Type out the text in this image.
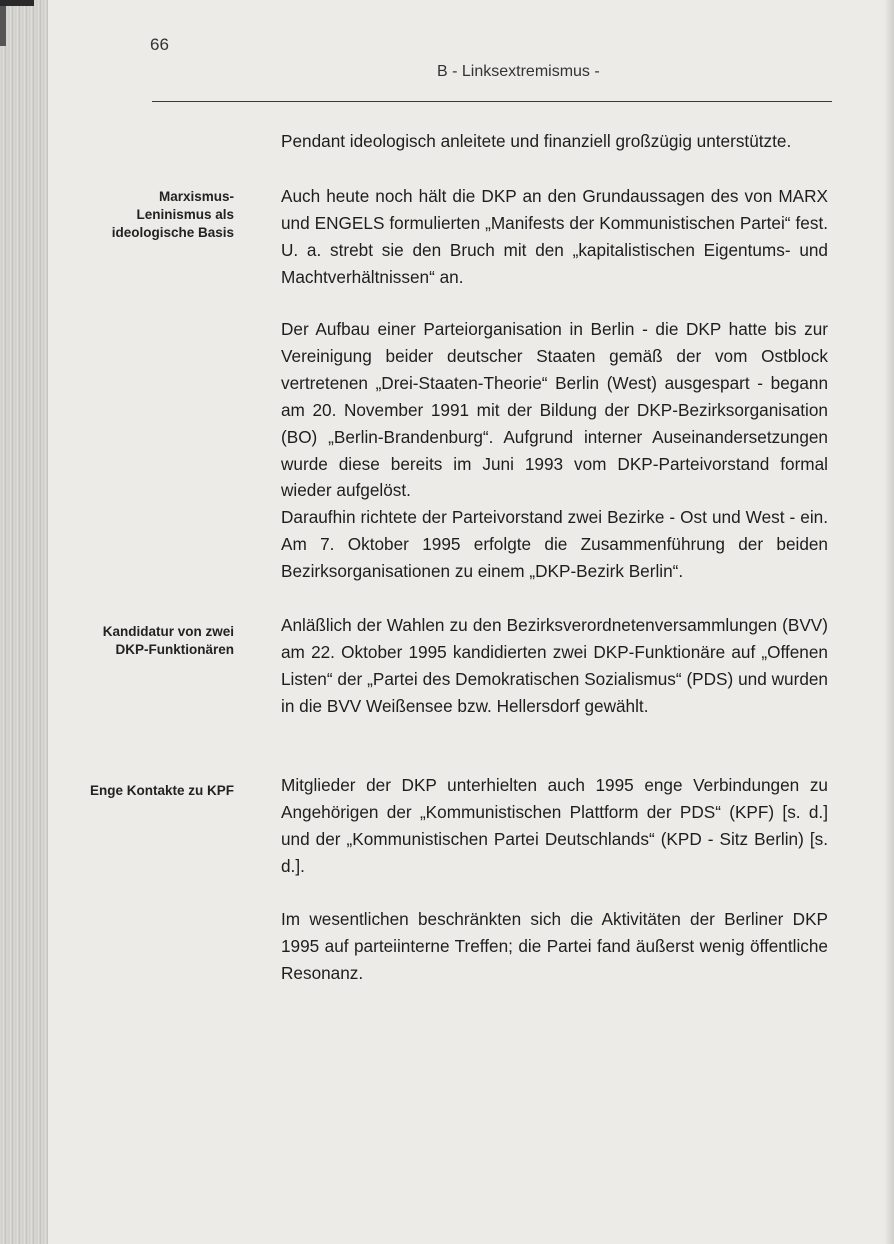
66
B - Linksextremismus -
Marxismus-Leninismus als ideologische Basis
Kandidatur von zwei DKP-Funktionären
Enge Kontakte zu KPF

Pendant ideologisch anleitete und finanziell großzügig unterstützte.

Auch heute noch hält die DKP an den Grundaussagen des von MARX und ENGELS formulierten „Manifests der Kommunistischen Partei“ fest. U. a. strebt sie den Bruch mit den „kapitalistischen Eigentums- und Machtverhältnissen“ an.

Der Aufbau einer Parteiorganisation in Berlin - die DKP hatte bis zur Vereinigung beider deutscher Staaten gemäß der vom Ostblock vertretenen „Drei-Staaten-Theorie“ Berlin (West) ausgespart - begann am 20. November 1991 mit der Bildung der DKP-Bezirksorganisation (BO) „Berlin-Brandenburg“. Aufgrund interner Auseinandersetzungen wurde diese bereits im Juni 1993 vom DKP-Parteivorstand formal wieder aufgelöst.

Daraufhin richtete der Parteivorstand zwei Bezirke - Ost und West - ein. Am 7. Oktober 1995 erfolgte die Zusammenführung der beiden Bezirksorganisationen zu einem „DKP-Bezirk Berlin“.

Anläßlich der Wahlen zu den Bezirksverordnetenversammlungen (BVV) am 22. Oktober 1995 kandidierten zwei DKP-Funktionäre auf „Offenen Listen“ der „Partei des Demokratischen Sozialismus“ (PDS) und wurden in die BVV Weißensee bzw. Hellersdorf gewählt.

Mitglieder der DKP unterhielten auch 1995 enge Verbindungen zu Angehörigen der „Kommunistischen Plattform der PDS“ (KPF) [s. d.] und der „Kommunistischen Partei Deutschlands“ (KPD - Sitz Berlin) [s. d.].

Im wesentlichen beschränkten sich die Aktivitäten der Berliner DKP 1995 auf parteiinterne Treffen; die Partei fand äußerst wenig öffentliche Resonanz.
